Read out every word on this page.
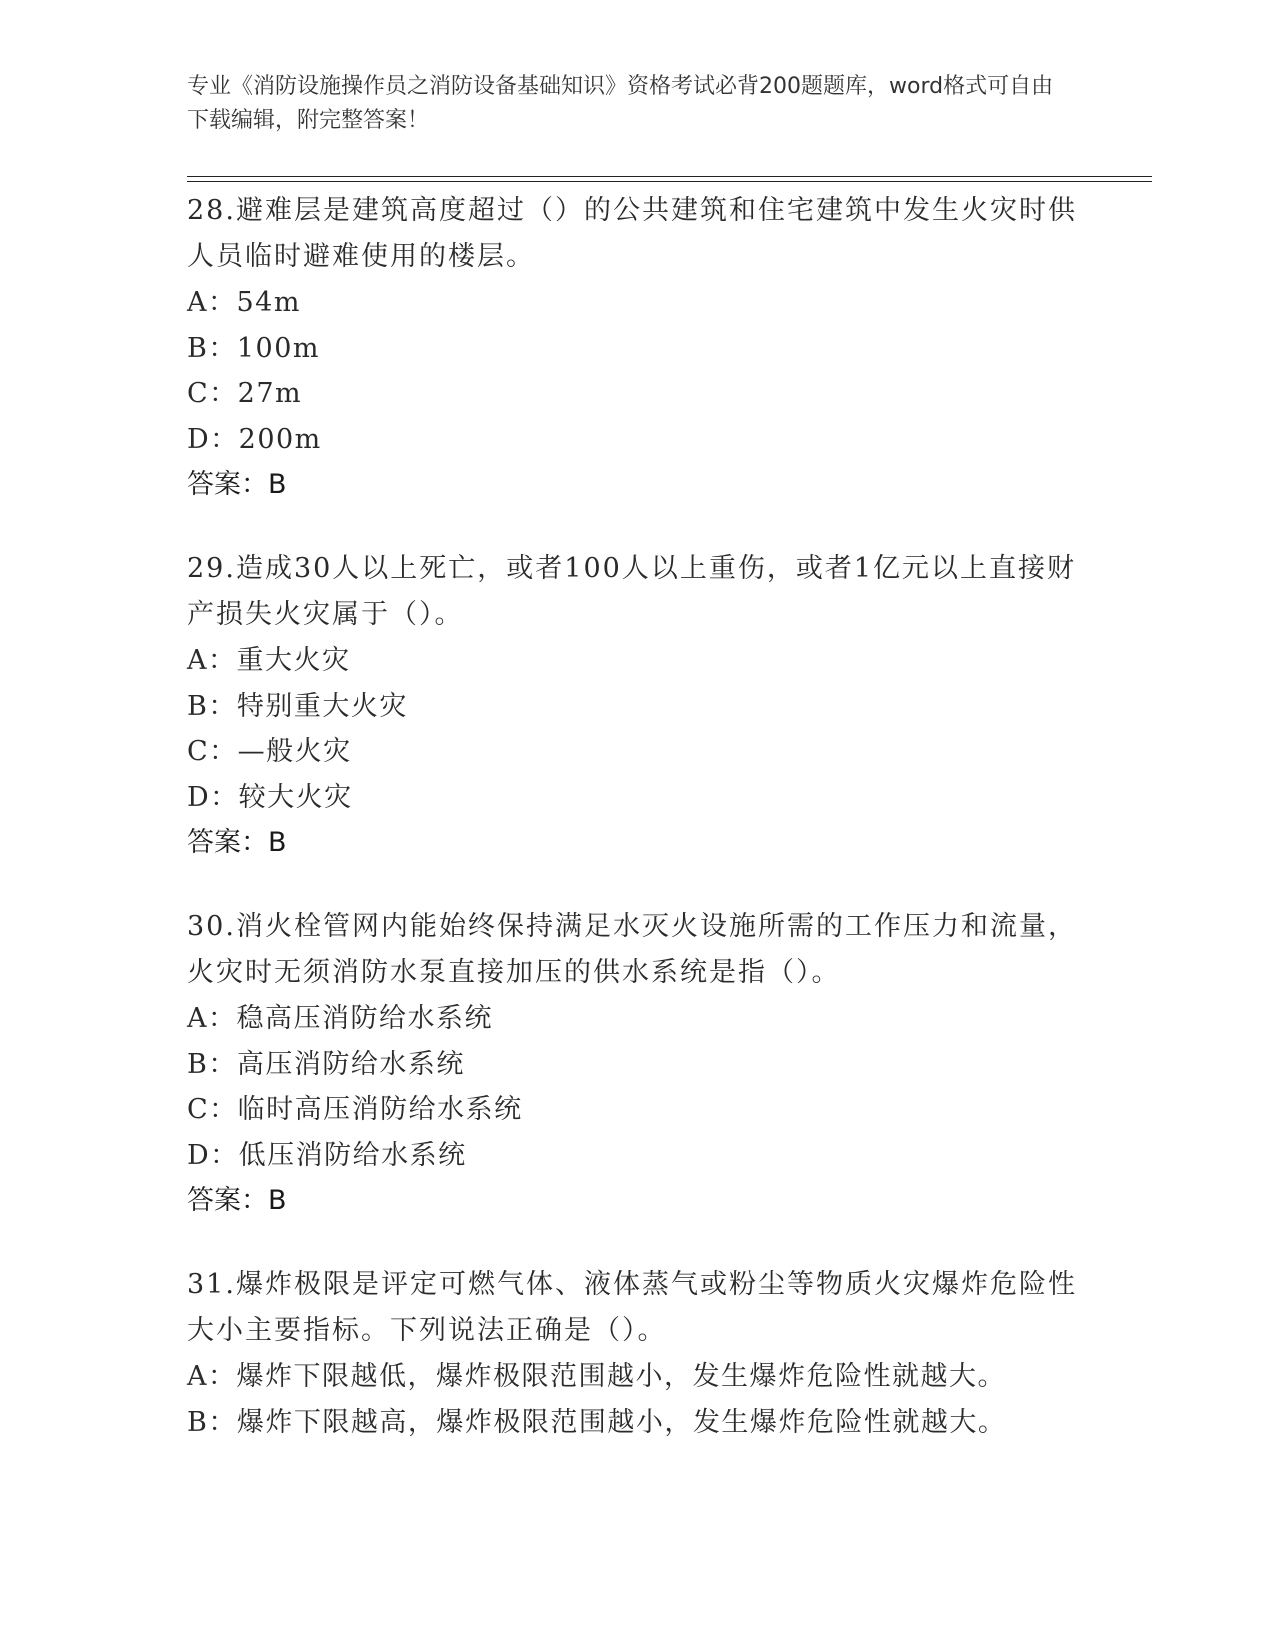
专业《消防设施操作员之消防设备基础知识》资格考试必背200题题库，word格式可自由下载编辑，附完整答案！
28.避难层是建筑高度超过（）的公共建筑和住宅建筑中发生火灾时供人员临时避难使用的楼层。
A：54m
B：100m
C：27m
D：200m
答案：B
29.造成30人以上死亡，或者100人以上重伤，或者1亿元以上直接财产损失火灾属于（）。
A：重大火灾
B：特别重大火灾
C：—般火灾
D：较大火灾
答案：B
30.消火栓管网内能始终保持满足水灭火设施所需的工作压力和流量，火灾时无须消防水泵直接加压的供水系统是指（）。
A：稳高压消防给水系统
B：高压消防给水系统
C：临时高压消防给水系统
D：低压消防给水系统
答案：B
31.爆炸极限是评定可燃气体、液体蒸气或粉尘等物质火灾爆炸危险性大小主要指标。下列说法正确是（）。
A：爆炸下限越低，爆炸极限范围越小，发生爆炸危险性就越大。
B：爆炸下限越高，爆炸极限范围越小，发生爆炸危险性就越大。
